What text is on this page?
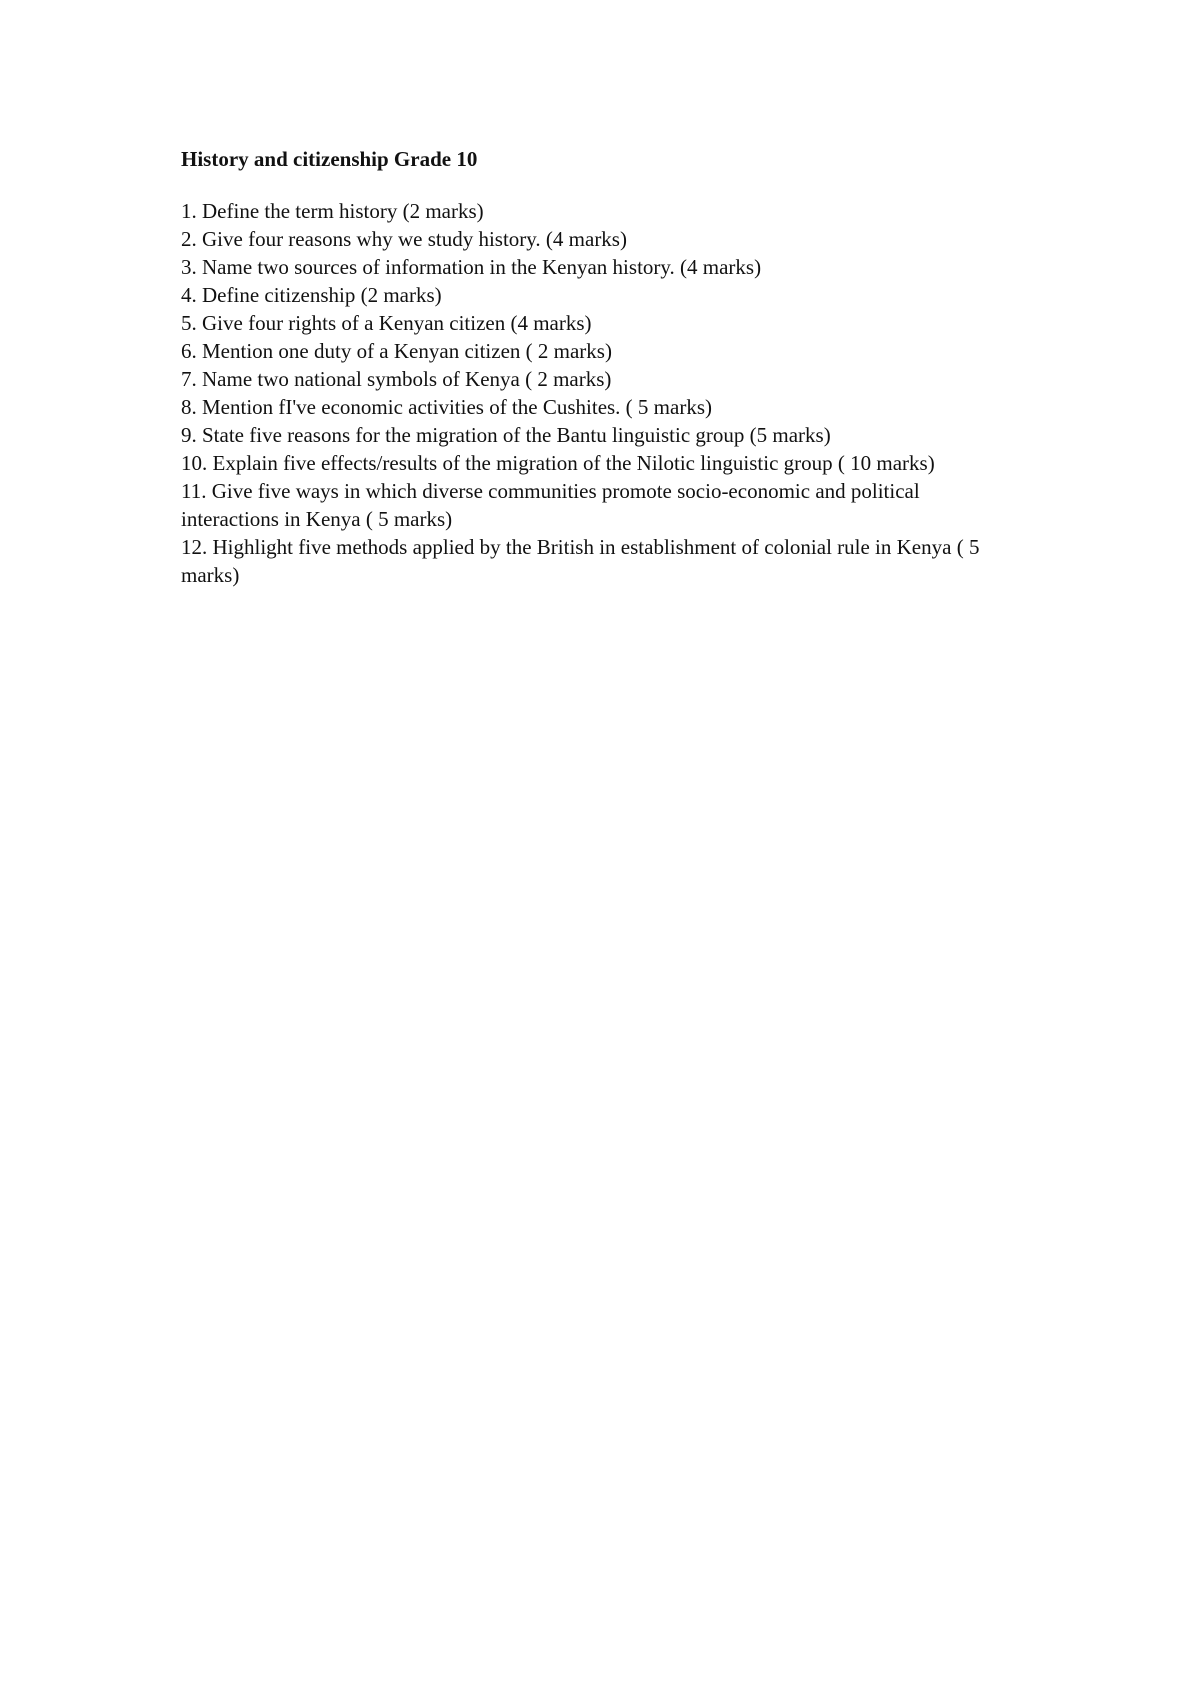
History and citizenship Grade 10
1. Define the term history (2 marks)
2. Give four reasons why we study history. (4 marks)
3. Name two sources of information in the Kenyan history. (4 marks)
4. Define citizenship (2 marks)
5. Give four rights of a Kenyan citizen (4 marks)
6. Mention one duty of a Kenyan citizen ( 2 marks)
7. Name two national symbols of Kenya ( 2 marks)
8. Mention fI've economic activities of the Cushites. ( 5 marks)
9. State five reasons for the migration of the Bantu linguistic group (5 marks)
10. Explain five effects/results of the migration of the Nilotic linguistic group ( 10 marks)
11. Give five ways in which diverse communities promote socio-economic and political interactions in Kenya ( 5 marks)
12. Highlight five methods applied by the British in establishment of colonial rule in Kenya ( 5 marks)
